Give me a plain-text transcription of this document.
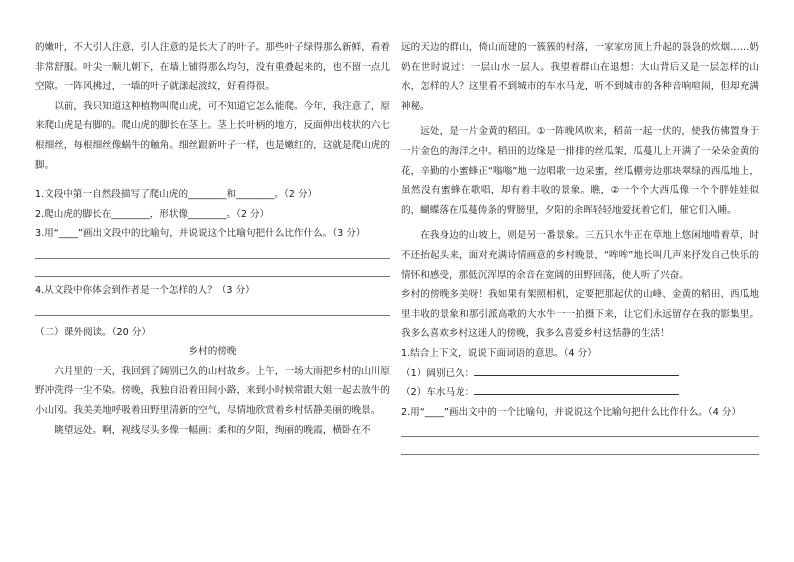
的嫩叶，不大引人注意，引人注意的是长大了的叶子。那些叶子绿得那么新鲜，看着非常舒服。叶尖一顺儿朝下，在墙上铺得那么均匀，没有重叠起来的，也不留一点儿空隙。一阵风拂过，一墙的叶子就漾起波纹，好看得很。

以前，我只知道这种植物叫爬山虎，可不知道它怎么能爬。今年，我注意了，原来爬山虎是有脚的。爬山虎的脚长在茎上。茎上长叶柄的地方，反面伸出枝状的六七根细丝，每根细丝像蜗牛的触角。细丝跟新叶子一样，也是嫩红的，这就是爬山虎的脚。

1.文段中第一自然段描写了爬山虎的________和________。（2 分）

2.爬山虎的脚长在________，形状像________。（2 分）

3.用“____”画出文段中的比喻句，并说说这个比喻句把什么比作什么。（3 分）

4.从文段中你体会到作者是一个怎样的人？（3 分）

（二）课外阅读。（20 分）

乡村的傍晚

六月里的一天，我回到了阔别已久的山村故乡。上午，一场大雨把乡村的山川原野冲洗得一尘不染。傍晚，我独自沿着田间小路，来到小时候常跟大姐一起去放牛的小山冈。我美美地呼吸着田野里清新的空气，尽情地欣赏着乡村恬静美丽的晚景。

眺望远处。啊，视线尽头多像一幅画：柔和的夕阳，绚丽的晚霞，横卧在不

远的天边的群山，倚山而建的一簇簇的村落，一家家房顶上升起的袅袅的炊烟……奶奶在世时说过：一层山水一层人。我望着群山在退想：大山背后又是一层怎样的山水，怎样的人？这里看不到城市的车水马龙，听不到城市的各种音响喧闹，但却充满神秘。

远处，是一片金黄的稻田。①一阵晚风吹来，稻苗一起一伏的，使我仿佛置身于一片金色的海洋之中。稻田的边缘是一排排的丝瓜架，瓜蔓儿上开满了一朵朵金黄的花，辛勤的小蜜蜂正“嗡嗡”地一边唱歌一边采蜜，丝瓜棚旁边那块翠绿的西瓜地上，虽然没有蜜蜂在歌唱，却有着丰收的景象。瞧，②一个个大西瓜像一个个胖娃娃似的，蝴蝶落在瓜蔓俦条的臂膀里，夕阳的余晖轻轻地爱抚着它们，催它们入睡。

在我身边的山坡上，则是另一番景象。三五只水牛正在草地上悠闲地啃着草，时不还抬起头来，面对充满诗情画意的乡村晚景，“哞哞”地长叫几声来抒发自己快乐的情怀和感受，那低沉浑厚的余音在宽阔的田野回荡，使人听了兴奋。

乡村的傍晚多美呀！我如果有架照相机，定要把那起伏的山峰、金黄的稻田、西瓜地里丰收的景象和那引派高歌的大水牛一一拍摄下来，让它们永远留存在我的影集里。我多么喜欢乡村这迷人的傍晚，我多么喜爱乡村这恬静的生活！

1.结合上下文，说说下面词语的意思。（4 分）

（1）阔别已久：
（2）车水马龙：

2.用“____”画出文中的一个比喻句，并说说这个比喻句把什么比作什么。（4 分）
